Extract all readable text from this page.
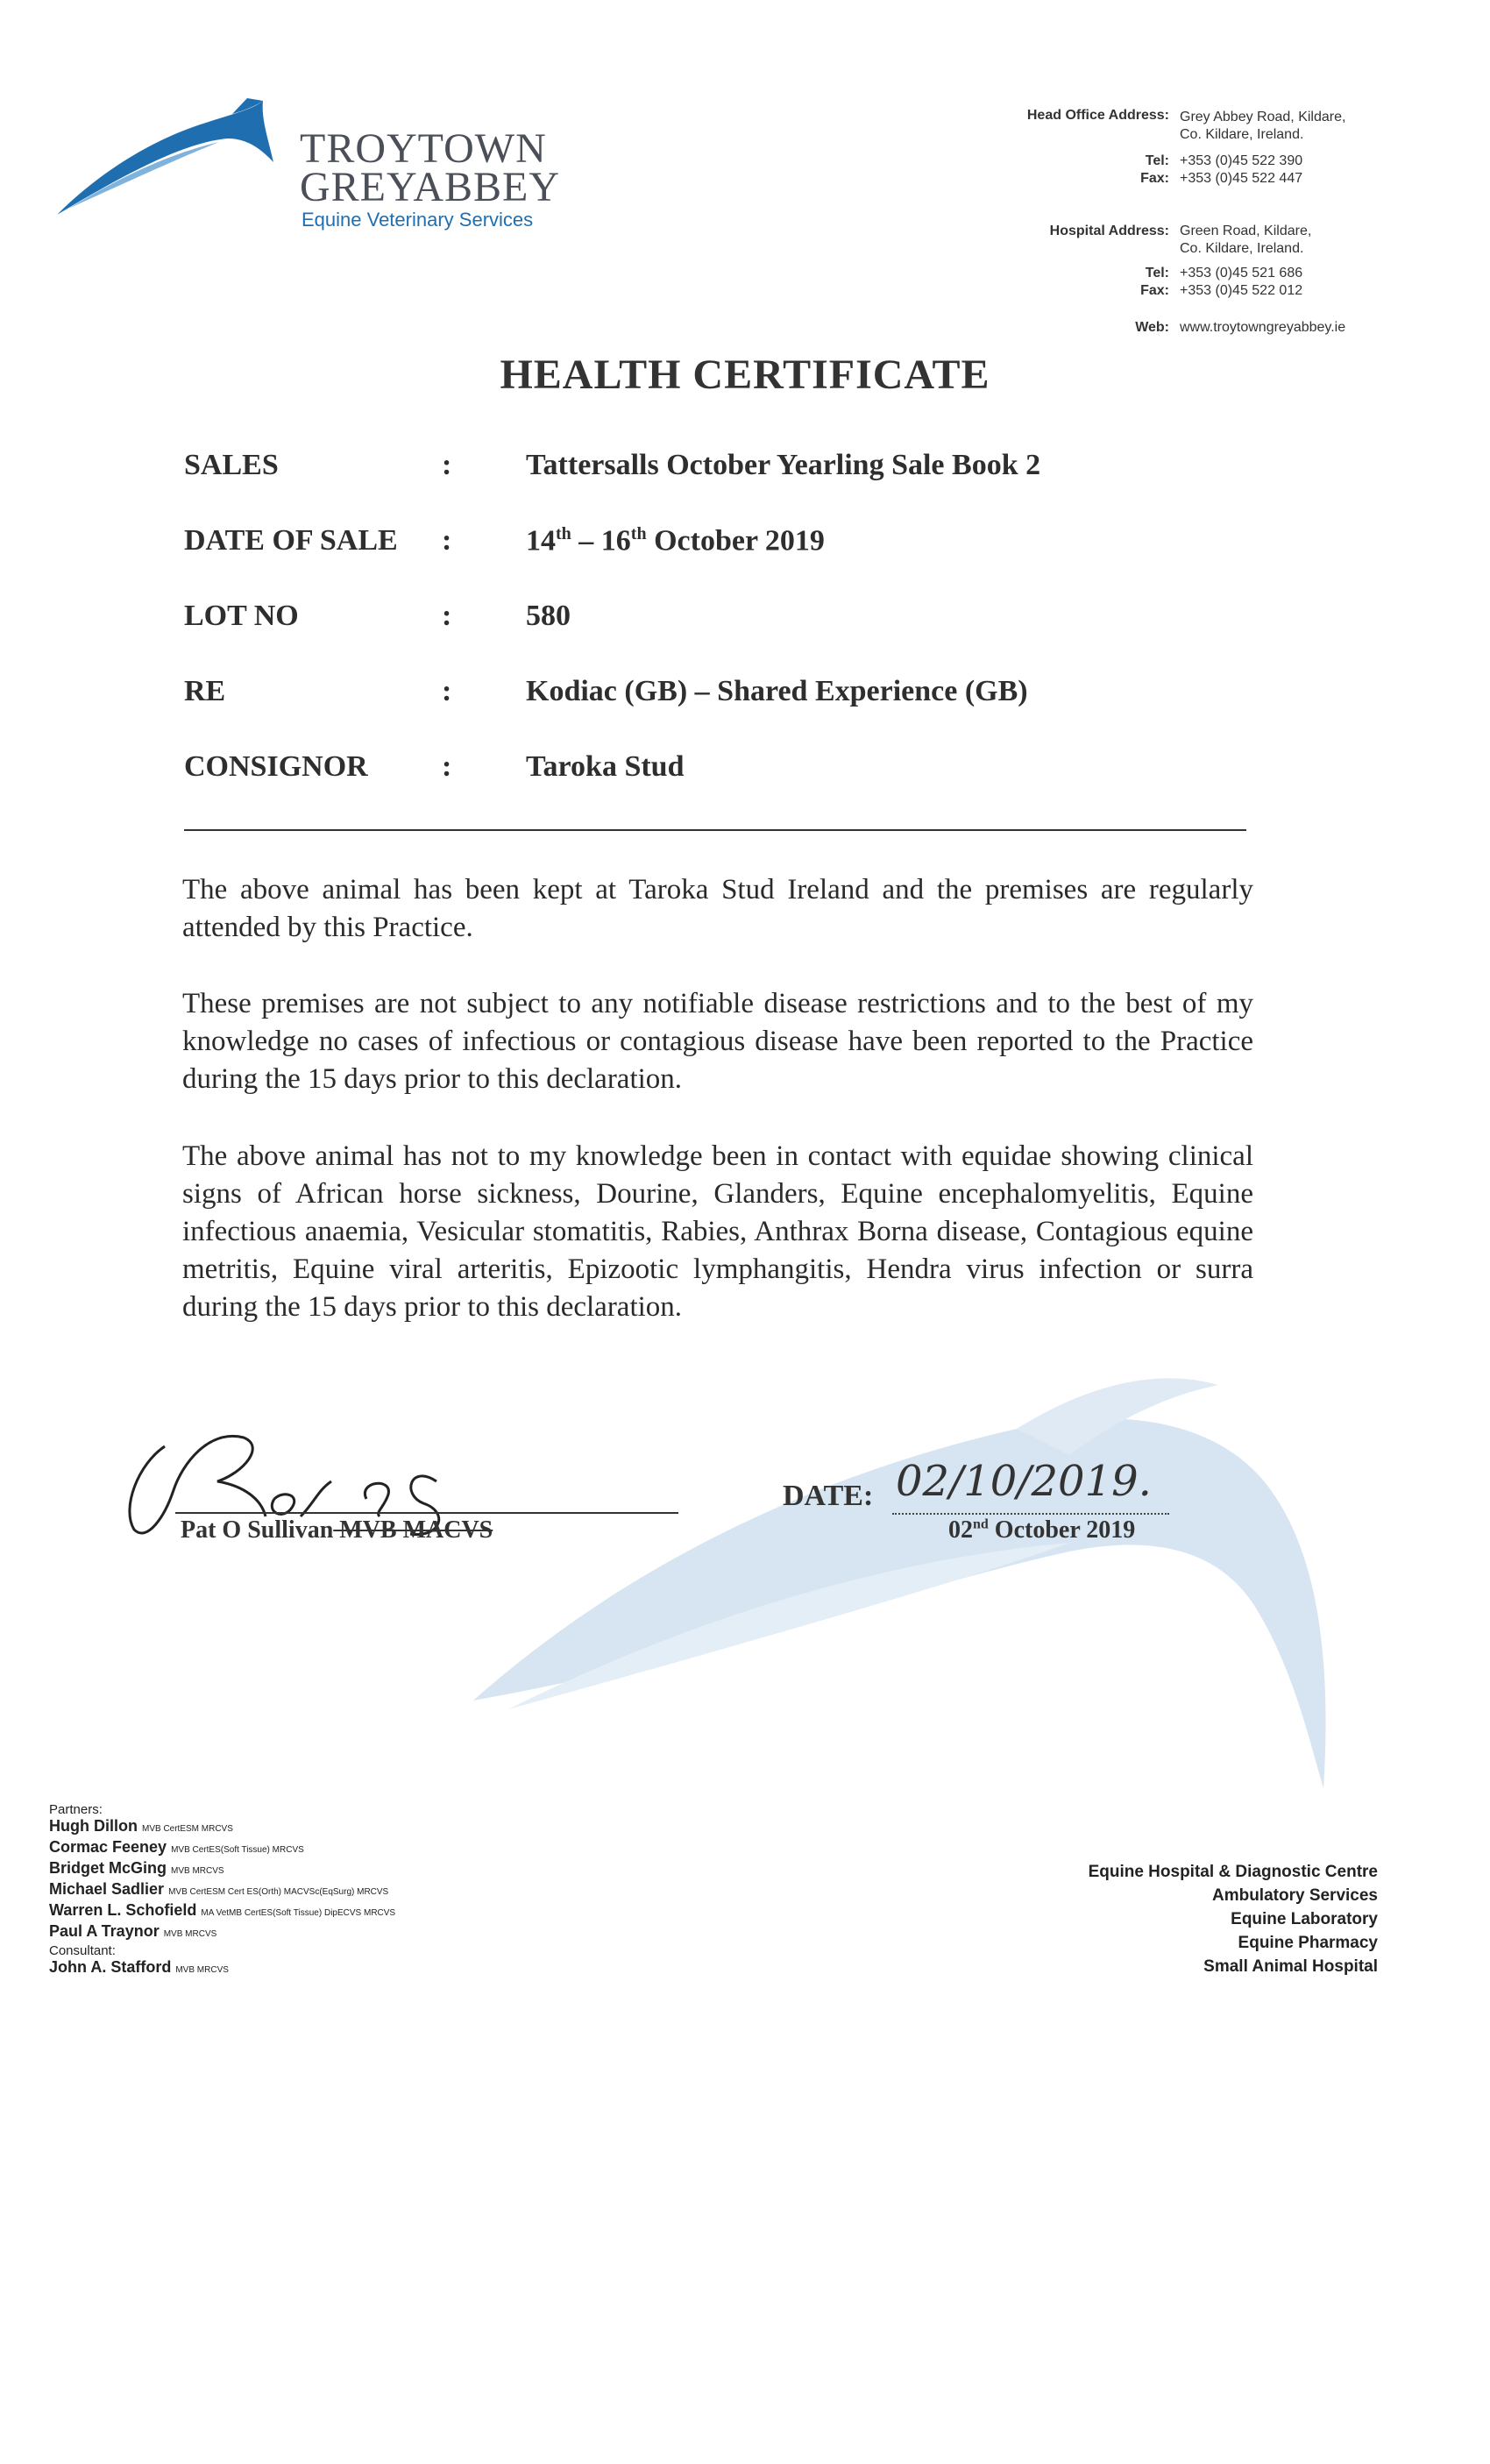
TROYTOWN
GREYABBEY
Equine Veterinary Services
Head Office Address: Grey Abbey Road, Kildare,
Co. Kildare, Ireland.
Tel: +353 (0)45 522 390
Fax: +353 (0)45 522 447
Hospital Address: Green Road, Kildare,
Co. Kildare, Ireland.
Tel: +353 (0)45 521 686
Fax: +353 (0)45 522 012
Web: www.troytowngreyabbey.ie
HEALTH CERTIFICATE
SALES	: Tattersalls October Yearling Sale Book 2
DATE OF SALE : 14th – 16th October 2019
LOT NO	: 580
RE	: Kodiac (GB) – Shared Experience (GB)
CONSIGNOR : Taroka Stud
The above animal has been kept at Taroka Stud Ireland and the premises are regularly attended by this Practice.
These premises are not subject to any notifiable disease restrictions and to the best of my knowledge no cases of infectious or contagious disease have been reported to the Practice during the 15 days prior to this declaration.
The above animal has not to my knowledge been in contact with equidae showing clinical signs of African horse sickness, Dourine, Glanders, Equine encephalomyelitis, Equine infectious anaemia, Vesicular stomatitis, Rabies, Anthrax Borna disease, Contagious equine metritis, Equine viral arteritis, Epizootic lymphangitis, Hendra virus infection or surra during the 15 days prior to this declaration.
Pat O Sullivan MVB MACVS
DATE: 02/10/2019.
02nd October 2019
Partners:
Hugh Dillon MVB CertESM MRCVS
Cormac Feeney MVB CertES(Soft Tissue) MRCVS
Bridget McGing MVB MRCVS
Michael Sadlier MVB CertESM Cert ES(Orth) MACVSc(EqSurg) MRCVS
Warren L. Schofield MA VetMB CertES(Soft Tissue) DipECVS MRCVS
Paul A Traynor MVB MRCVS
Consultant:
John A. Stafford MVB MRCVS
Equine Hospital & Diagnostic Centre
Ambulatory Services
Equine Laboratory
Equine Pharmacy
Small Animal Hospital
